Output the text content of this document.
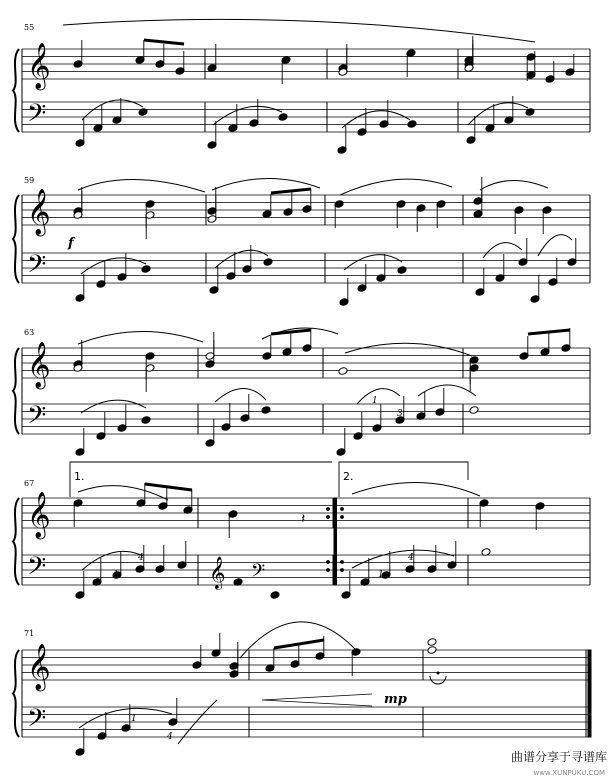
𝄞
𝄢
𝄞
𝄢
𝄞
𝄢
𝄞
𝄢
𝄞
𝄢
𝄞 𝄢
𝄽
55
59
63
67
71
f
mp
1.	2.
1
3
1
4
1
4
1
4
曲谱分享于寻谱库
www.XUNPUKU.COM
